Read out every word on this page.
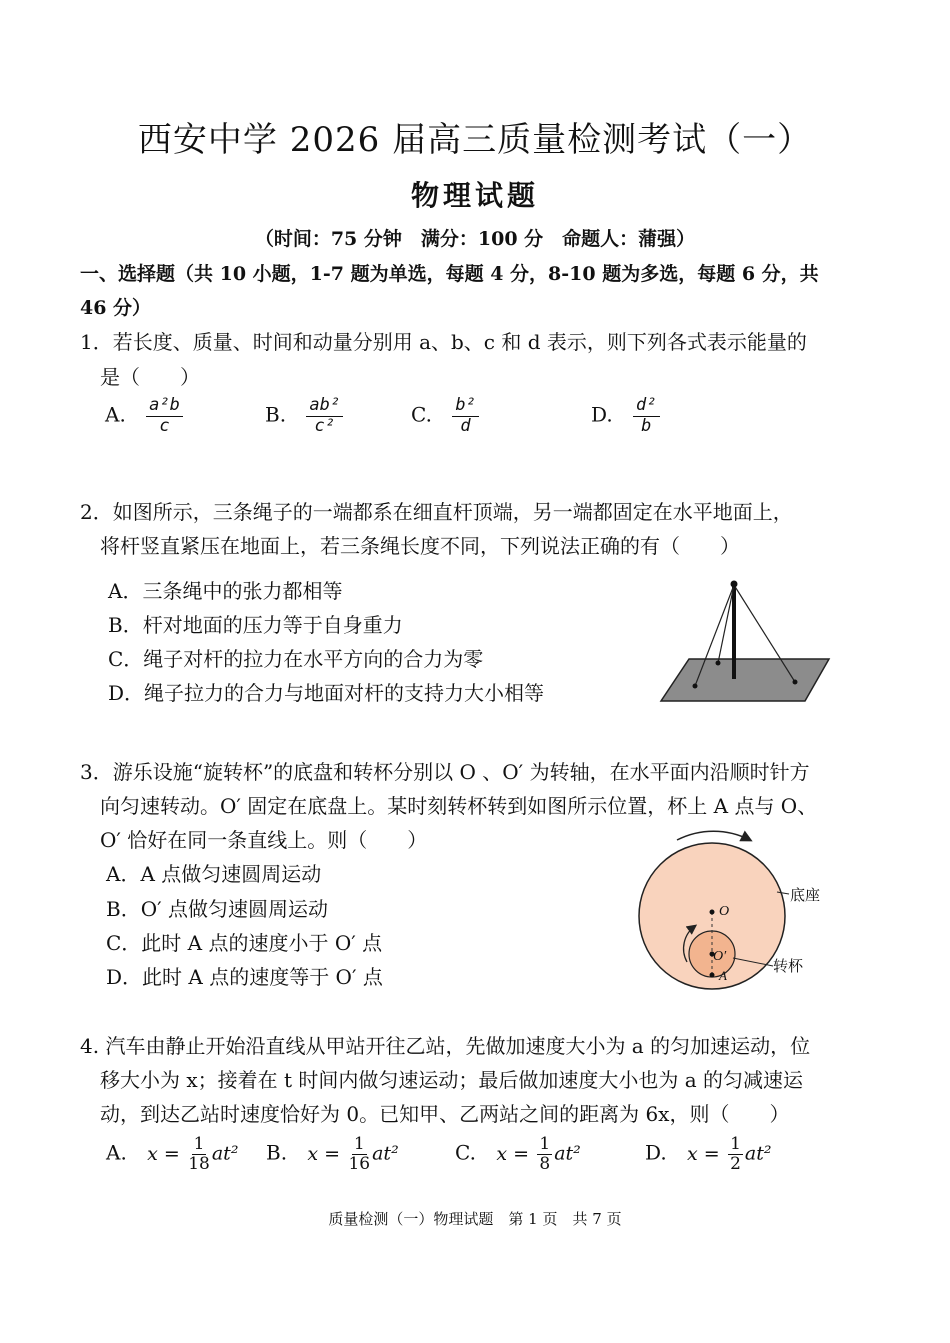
西安中学 2026 届高三质量检测考试（一）
物理试题
（时间：75 分钟　满分：100 分　命题人：蒲强）
一、选择题（共 10 小题，1-7 题为单选，每题 4 分，8-10 题为多选，每题 6 分，共
46 分）
1．若长度、质量、时间和动量分别用 a、b、c 和 d 表示，则下列各式表示能量的
是（　　）
A. $\frac{\text{a²b}}{c}$	B. $\frac{\text{ab²}}{\text{c²}}$	C. $\frac{\text{b²}}{d}$	D. $\frac{\text{d²}}{b}$
2．如图所示，三条绳子的一端都系在细直杆顶端，另一端都固定在水平地面上，
将杆竖直紧压在地面上，若三条绳长度不同，下列说法正确的有（　　）
A．三条绳中的张力都相等
B．杆对地面的压力等于自身重力
C．绳子对杆的拉力在水平方向的合力为零
D．绳子拉力的合力与地面对杆的支持力大小相等
3．游乐设施“旋转杯”的底盘和转杯分别以 O 、O′ 为转轴，在水平面内沿顺时针方
向匀速转动。O′ 固定在底盘上。某时刻转杯转到如图所示位置，杯上 A 点与 O、
O′ 恰好在同一条直线上。则（　　）
A．A 点做匀速圆周运动
B．O′ 点做匀速圆周运动
C．此时 A 点的速度小于 O′ 点
D．此时 A 点的速度等于 O′ 点
O
O′
A
底座
转杯
4. 汽车由静止开始沿直线从甲站开往乙站，先做加速度大小为 a 的匀加速运动，位
移大小为 x；接着在 t 时间内做匀速运动；最后做加速度大小也为 a 的匀减速运
动，到达乙站时速度恰好为 0。已知甲、乙两站之间的距离为 6x，则（　　）
A. $x = \frac{1}{18} at^2$ B. $x = \frac{1}{16} at^2$	C. $x = \frac{1}{8} at^2$	D. $x = \frac{1}{2} at^2$
质量检测（一）物理试题　第 1 页　共 7 页
